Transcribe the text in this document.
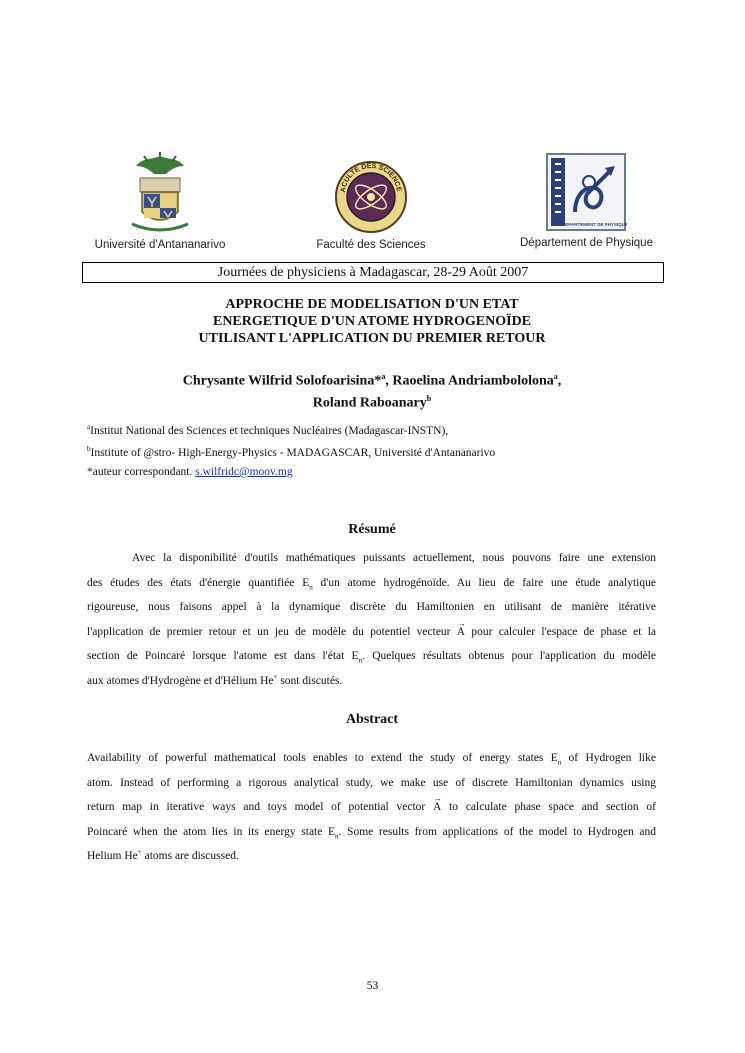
Université d'Antananarivo
ACULTE DES SCIENCE
Faculté des Sciences
DEPARTEMENT DE PHYSIQUE
Département de Physique
Journées de physiciens à Madagascar, 28-29 Août 2007
APPROCHE DE MODELISATION D'UN ETAT
ENERGETIQUE D'UN ATOME HYDROGENOÏDE
UTILISANT L'APPLICATION DU PREMIER RETOUR
Chrysante Wilfrid Solofoarisina*$^a$, Raoelina Andriambololona$^a$,
Roland Raboanary$^b$
$^a$Institut National des Sciences et techniques Nucléaires (Madagascar-INSTN),
$^b$Institute of @stro- High-Energy-Physics - MADAGASCAR, Université d'Antananarivo
*auteur correspondant. s.wilfridc@moov.mg
Résumé
Avec la disponibilité d'outils mathématiques puissants actuellement, nous pouvons faire une extension
des études des états d'énergie quantifiée $E_n$ d'un atome hydrogénoïde. Au lieu de faire une étude analytique
rigoureuse, nous faisons appel à la dynamique discrète du Hamiltonien en utilisant de manière itérative
l'application de premier retour et un jeu de modèle du potentiel vecteur → A pour calculer l'espace de phase et la
section de Poincaré lorsque l'atome est dans l'état $E_n$. Quelques résultats obtenus pour l'application du modèle
aux atomes d'Hydrogène et d'Hélium He+ sont discutés.
Abstract
Availability of powerful mathematical tools enables to extend the study of energy states $E_n$ of Hydrogen like
atom. Instead of performing a rigorous analytical study, we make use of discrete Hamiltonian dynamics using
return map in iterative ways and toys model of potential vector → A to calculate phase space and section of
Poincaré when the atom lies in its energy state $E_n$. Some results from applications of the model to Hydrogen and
Helium He+ atoms are discussed.
53
